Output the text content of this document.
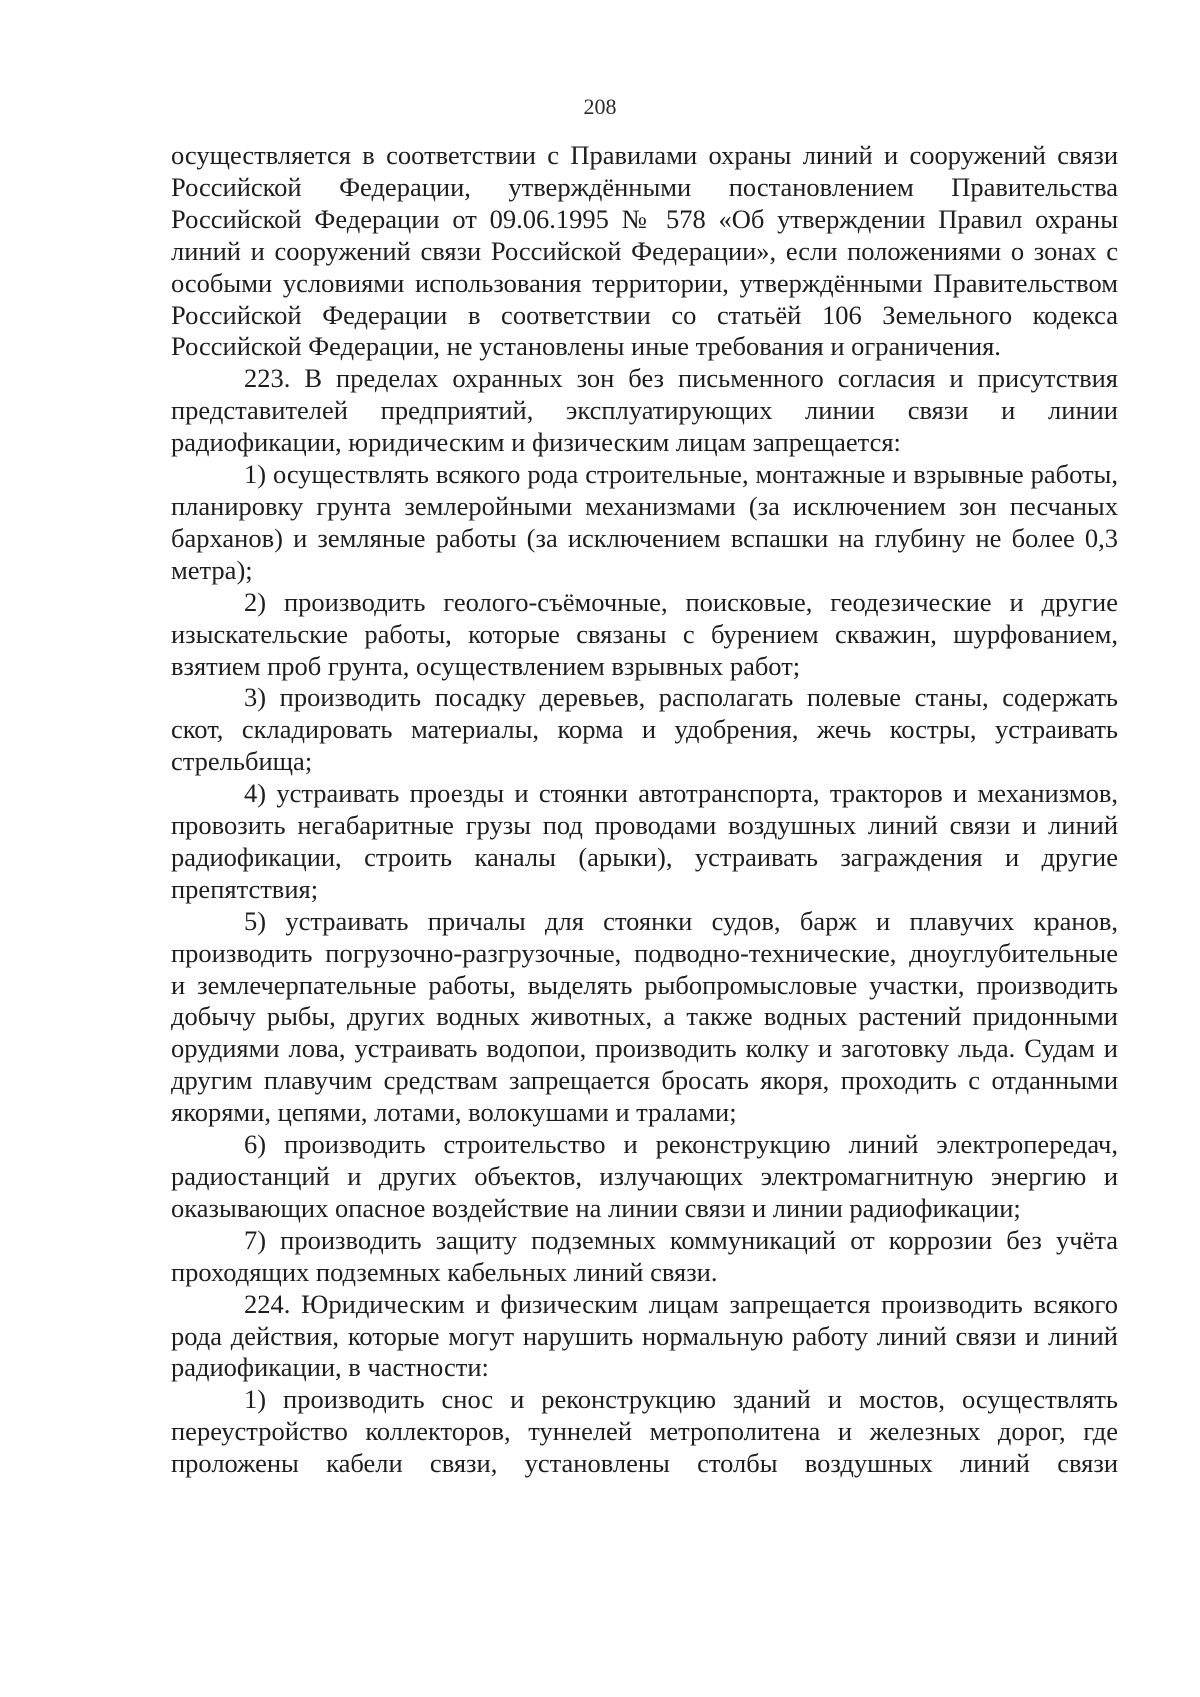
208

осуществляется в соответствии с Правилами охраны линий и сооружений связи Российской Федерации, утверждёнными постановлением Правительства Российской Федерации от 09.06.1995 № 578 «Об утверждении Правил охраны линий и сооружений связи Российской Федерации», если положениями о зонах с особыми условиями использования территории, утверждёнными Правительством Российской Федерации в соответствии со статьёй 106 Земельного кодекса Российской Федерации, не установлены иные требования и ограничения.

223. В пределах охранных зон без письменного согласия и присутствия представителей предприятий, эксплуатирующих линии связи и линии радиофикации, юридическим и физическим лицам запрещается:

1) осуществлять всякого рода строительные, монтажные и взрывные работы, планировку грунта землеройными механизмами (за исключением зон песчаных барханов) и земляные работы (за исключением вспашки на глубину не более 0,3 метра);

2) производить геолого-съёмочные, поисковые, геодезические и другие изыскательские работы, которые связаны с бурением скважин, шурфованием, взятием проб грунта, осуществлением взрывных работ;

3) производить посадку деревьев, располагать полевые станы, содержать скот, складировать материалы, корма и удобрения, жечь костры, устраивать стрельбища;

4) устраивать проезды и стоянки автотранспорта, тракторов и механизмов, провозить негабаритные грузы под проводами воздушных линий связи и линий радиофикации, строить каналы (арыки), устраивать заграждения и другие препятствия;

5) устраивать причалы для стоянки судов, барж и плавучих кранов, производить погрузочно-разгрузочные, подводно-технические, дноуглубительные и землечерпательные работы, выделять рыбопромысловые участки, производить добычу рыбы, других водных животных, а также водных растений придонными орудиями лова, устраивать водопои, производить колку и заготовку льда. Судам и другим плавучим средствам запрещается бросать якоря, проходить с отданными якорями, цепями, лотами, волокушами и тралами;

6) производить строительство и реконструкцию линий электропередач, радиостанций и других объектов, излучающих электромагнитную энергию и оказывающих опасное воздействие на линии связи и линии радиофикации;

7) производить защиту подземных коммуникаций от коррозии без учёта проходящих подземных кабельных линий связи.

224. Юридическим и физическим лицам запрещается производить всякого рода действия, которые могут нарушить нормальную работу линий связи и линий радиофикации, в частности:

1) производить снос и реконструкцию зданий и мостов, осуществлять переустройство коллекторов, туннелей метрополитена и железных дорог, где проложены кабели связи, установлены столбы воздушных линий связи
